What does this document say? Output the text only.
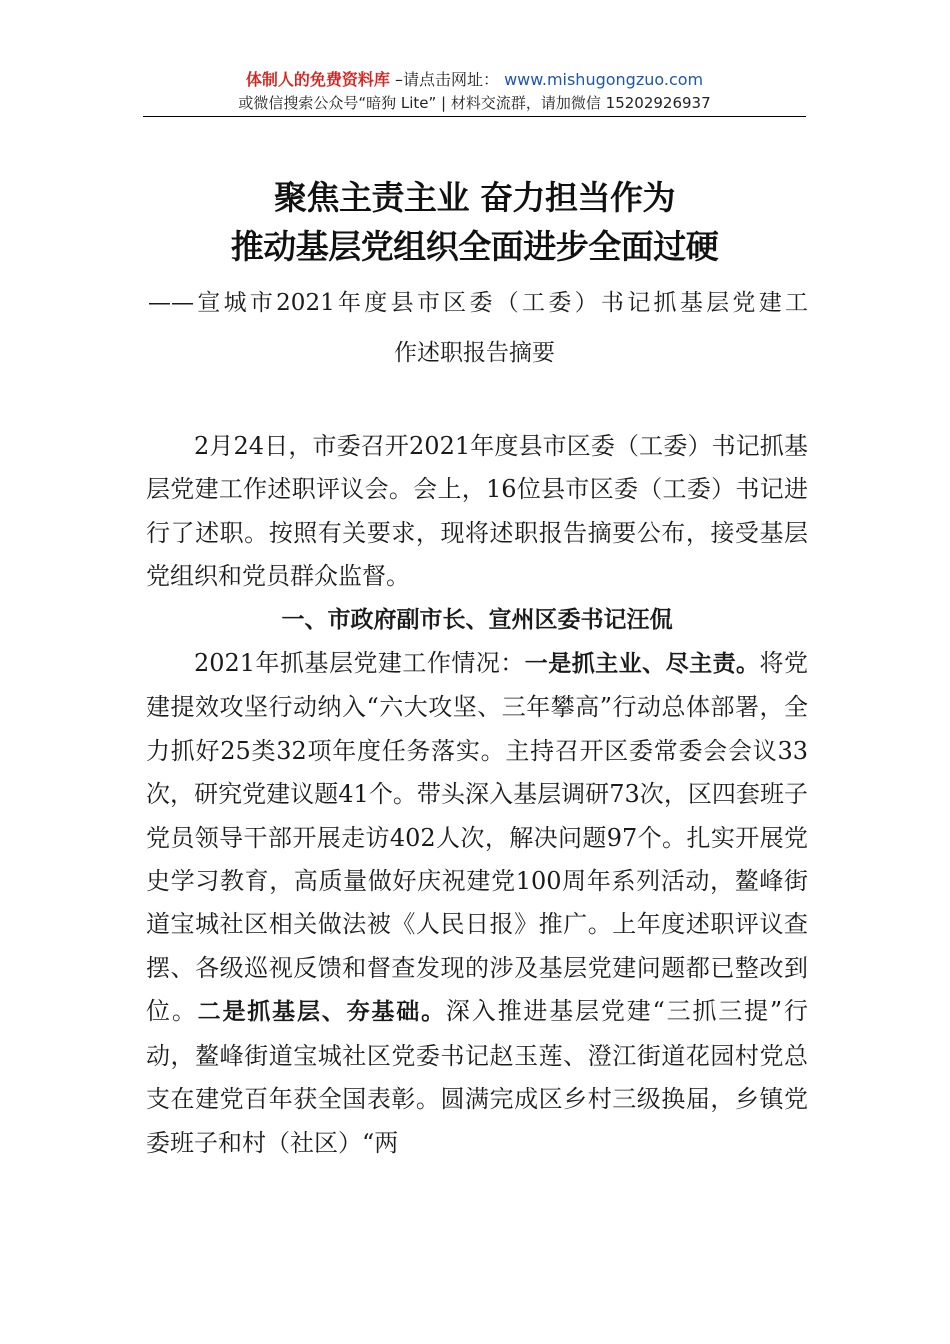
体制人的免费资料库 –请点击网址： www.mishugongzuo.com
或微信搜索公众号“暗狗 Lite” | 材料交流群，请加微信 15202926937
聚焦主责主业 奋力担当作为
推动基层党组织全面进步全面过硬
——宣城市2021年度县市区委（工委）书记抓基层党建工
作述职报告摘要

2月24日，市委召开2021年度县市区委（工委）书记抓基层党建工作述职评议会。会上，16位县市区委（工委）书记进行了述职。按照有关要求，现将述职报告摘要公布，接受基层党组织和党员群众监督。

一、市政府副市长、宣州区委书记汪侃

2021年抓基层党建工作情况：一是抓主业、尽主责。将党建提效攻坚行动纳入“六大攻坚、三年攀高”行动总体部署，全力抓好25类32项年度任务落实。主持召开区委常委会会议33次，研究党建议题41个。带头深入基层调研73次，区四套班子党员领导干部开展走访402人次，解决问题97个。扎实开展党史学习教育，高质量做好庆祝建党100周年系列活动，鳌峰街道宝城社区相关做法被《人民日报》推广。上年度述职评议查摆、各级巡视反馈和督查发现的涉及基层党建问题都已整改到位。二是抓基层、夯基础。深入推进基层党建“三抓三提”行动，鳌峰街道宝城社区党委书记赵玉莲、澄江街道花园村党总支在建党百年获全国表彰。圆满完成区乡村三级换届，乡镇党委班子和村（社区）“两
